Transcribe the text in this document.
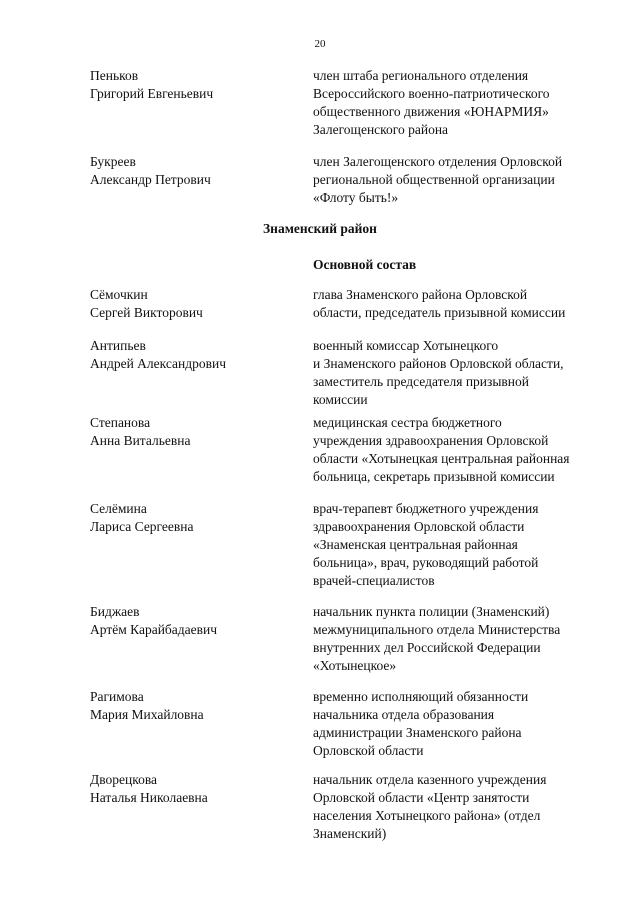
20
Пеньков
Григорий Евгеньевич
член штаба регионального отделения
Всероссийского военно-патриотического
общественного движения «ЮНАРМИЯ»
Залегощенского района
Букреев
Александр Петрович
член Залегощенского отделения Орловской
региональной общественной организации
«Флоту быть!»
Знаменский район
Основной состав
Сёмочкин
Сергей Викторович
глава Знаменского района Орловской
области, председатель призывной комиссии
Антипьев
Андрей Александрович
военный комиссар Хотынецкого
и Знаменского районов Орловской области,
заместитель председателя призывной
комиссии
Степанова
Анна Витальевна
медицинская сестра бюджетного
учреждения здравоохранения Орловской
области «Хотынецкая центральная районная
больница, секретарь призывной комиссии
Селёмина
Лариса Сергеевна
врач-терапевт бюджетного учреждения
здравоохранения Орловской области
«Знаменская центральная районная
больница», врач, руководящий работой
врачей-специалистов
Биджаев
Артём Карайбадаевич
начальник пункта полиции (Знаменский)
межмуниципального отдела Министерства
внутренних дел Российской Федерации
«Хотынецкое»
Рагимова
Мария Михайловна
временно исполняющий обязанности
начальника отдела образования
администрации Знаменского района
Орловской области
Дворецкова
Наталья Николаевна
начальник отдела казенного учреждения
Орловской области «Центр занятости
населения Хотынецкого района» (отдел
Знаменский)
